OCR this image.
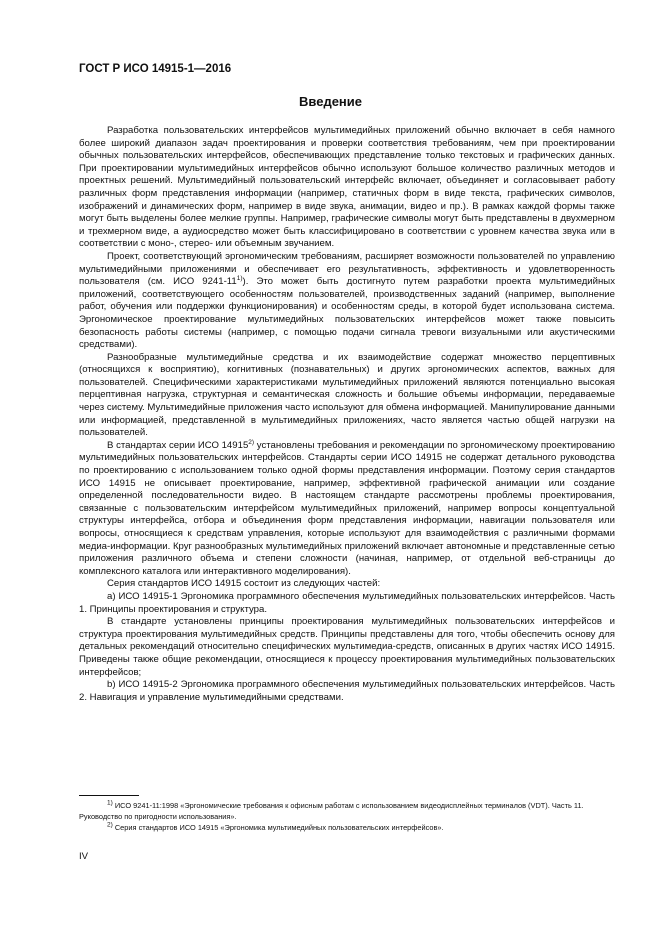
ГОСТ Р ИСО 14915-1—2016
Введение

Разработка пользовательских интерфейсов мультимедийных приложений обычно включает в себя намного более широкий диапазон задач проектирования и проверки соответствия требованиям, чем при проектировании обычных пользовательских интерфейсов, обеспечивающих представление только текстовых и графических данных. При проектировании мультимедийных интерфейсов обычно используют большое количество различных методов и проектных решений. Мультимедийный пользовательский интерфейс включает, объединяет и согласовывает работу различных форм представления информации (например, статичных форм в виде текста, графических символов, изображений и динамических форм, например в виде звука, анимации, видео и пр.). В рамках каждой формы также могут быть выделены более мелкие группы. Например, графические символы могут быть представлены в двухмерном и трехмерном виде, а аудиосредство может быть классифицировано в соответствии с уровнем качества звука или в соответствии с моно-, стерео- или объемным звучанием.

Проект, соответствующий эргономическим требованиям, расширяет возможности пользователей по управлению мультимедийными приложениями и обеспечивает его результативность, эффективность и удовлетворенность пользователя (см. ИСО 9241-11$^{1)}$). Это может быть достигнуто путем разработки проекта мультимедийных приложений, соответствующего особенностям пользователей, производственных заданий (например, выполнение работ, обучения или поддержки функционирования) и особенностям среды, в которой будет использована система. Эргономическое проектирование мультимедийных пользовательских интерфейсов может также повысить безопасность работы системы (например, с помощью подачи сигнала тревоги визуальными или акустическими средствами).

Разнообразные мультимедийные средства и их взаимодействие содержат множество перцептивных (относящихся к восприятию), когнитивных (познавательных) и других эргономических аспектов, важных для пользователей. Специфическими характеристиками мультимедийных приложений являются потенциально высокая перцептивная нагрузка, структурная и семантическая сложность и большие объемы информации, передаваемые через систему. Мультимедийные приложения часто используют для обмена информацией. Манипулирование данными или информацией, представленной в мультимедийных приложениях, часто является частью общей нагрузки на пользователей.

В стандартах серии ИСО 14915$^{2)}$ установлены требования и рекомендации по эргономическому проектированию мультимедийных пользовательских интерфейсов. Стандарты серии ИСО 14915 не содержат детального руководства по проектированию с использованием только одной формы представления информации. Поэтому серия стандартов ИСО 14915 не описывает проектирование, например, эффективной графической анимации или создание определенной последовательности видео. В настоящем стандарте рассмотрены проблемы проектирования, связанные с пользовательским интерфейсом мультимедийных приложений, например вопросы концептуальной структуры интерфейса, отбора и объединения форм представления информации, навигации пользователя или вопросы, относящиеся к средствам управления, которые используют для взаимодействия с различными формами медиа-информации. Круг разнообразных мультимедийных приложений включает автономные и представленные сетью приложения различного объема и степени сложности (начиная, например, от отдельной веб-страницы до комплексного каталога или интерактивного моделирования).

Серия стандартов ИСО 14915 состоит из следующих частей:

a) ИСО 14915-1 Эргономика программного обеспечения мультимедийных пользовательских интерфейсов. Часть 1. Принципы проектирования и структура.

В стандарте установлены принципы проектирования мультимедийных пользовательских интерфейсов и структура проектирования мультимедийных средств. Принципы представлены для того, чтобы обеспечить основу для детальных рекомендаций относительно специфических мультимедиа-средств, описанных в других частях ИСО 14915. Приведены также общие рекомендации, относящиеся к процессу проектирования мультимедийных пользовательских интерфейсов;

b) ИСО 14915-2 Эргономика программного обеспечения мультимедийных пользовательских интерфейсов. Часть 2. Навигация и управление мультимедийными средствами.

$^{1)}$ ИСО 9241-11:1998 «Эргономические требования к офисным работам с использованием видеодисплейных терминалов (VDT). Часть 11. Руководство по пригодности использования».

$^{2)}$ Серия стандартов ИСО 14915 «Эргономика мультимедийных пользовательских интерфейсов».

IV
